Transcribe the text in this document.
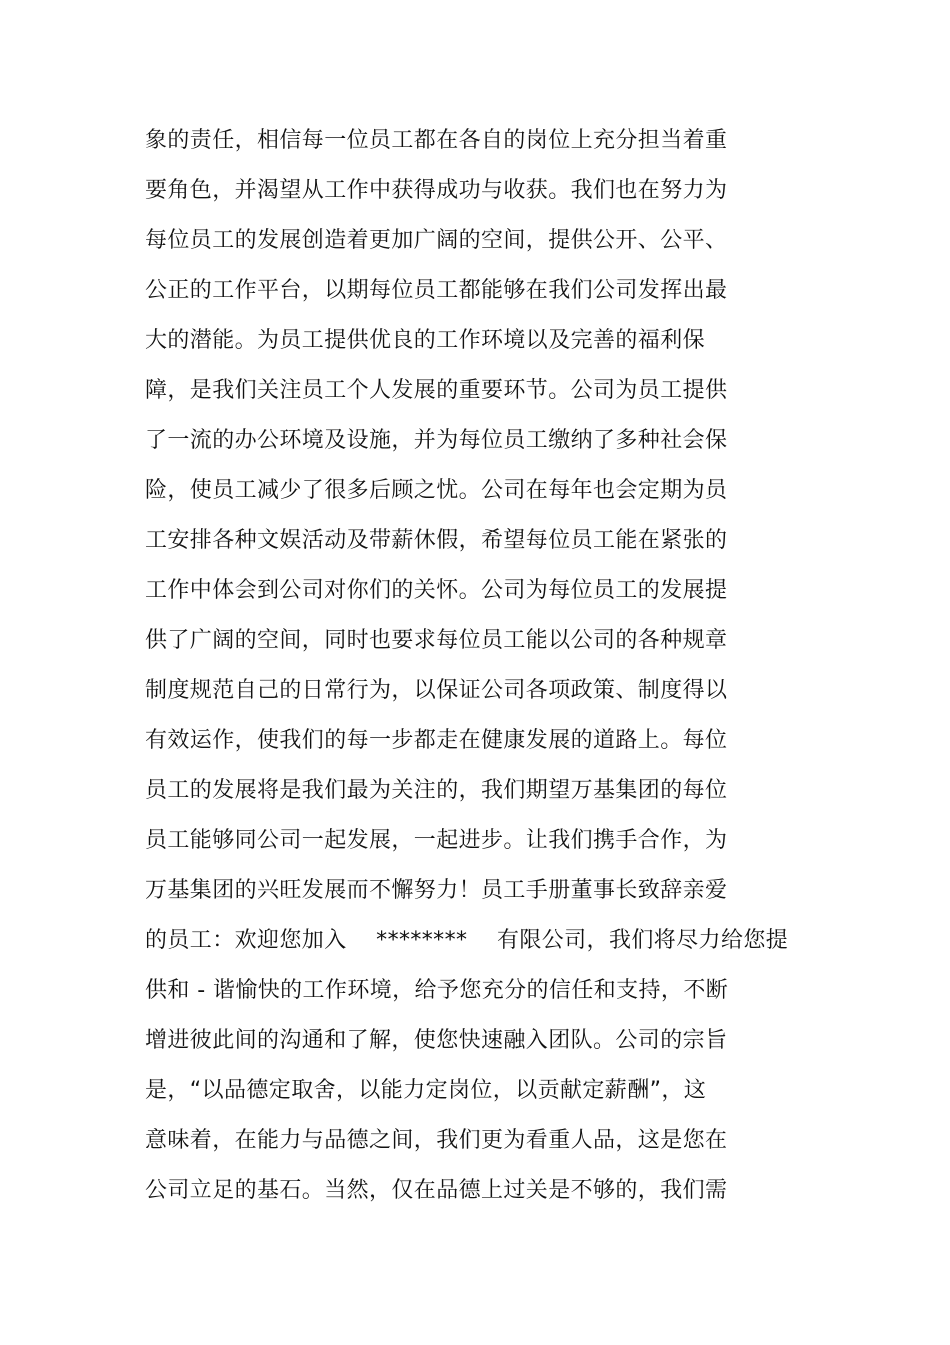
象的责任，相信每一位员工都在各自的岗位上充分担当着重
要角色，并渴望从工作中获得成功与收获。我们也在努力为
每位员工的发展创造着更加广阔的空间，提供公开、公平、
公正的工作平台，以期每位员工都能够在我们公司发挥出最
大的潜能。为员工提供优良的工作环境以及完善的福利保
障，是我们关注员工个人发展的重要环节。公司为员工提供
了一流的办公环境及设施，并为每位员工缴纳了多种社会保
险，使员工减少了很多后顾之忧。公司在每年也会定期为员
工安排各种文娱活动及带薪休假，希望每位员工能在紧张的
工作中体会到公司对你们的关怀。公司为每位员工的发展提
供了广阔的空间，同时也要求每位员工能以公司的各种规章
制度规范自己的日常行为，以保证公司各项政策、制度得以
有效运作，使我们的每一步都走在健康发展的道路上。每位
员工的发展将是我们最为关注的，我们期望万基集团的每位
员工能够同公司一起发展，一起进步。让我们携手合作，为
万基集团的兴旺发展而不懈努力！员工手册董事长致辞亲爱
的员工：欢迎您加入    ********    有限公司，我们将尽力给您提
供和 - 谐愉快的工作环境，给予您充分的信任和支持，不断
增进彼此间的沟通和了解，使您快速融入团队。公司的宗旨
是，“以品德定取舍，以能力定岗位，以贡献定薪酬”，这
意味着，在能力与品德之间，我们更为看重人品，这是您在
公司立足的基石。当然，仅在品德上过关是不够的，我们需
